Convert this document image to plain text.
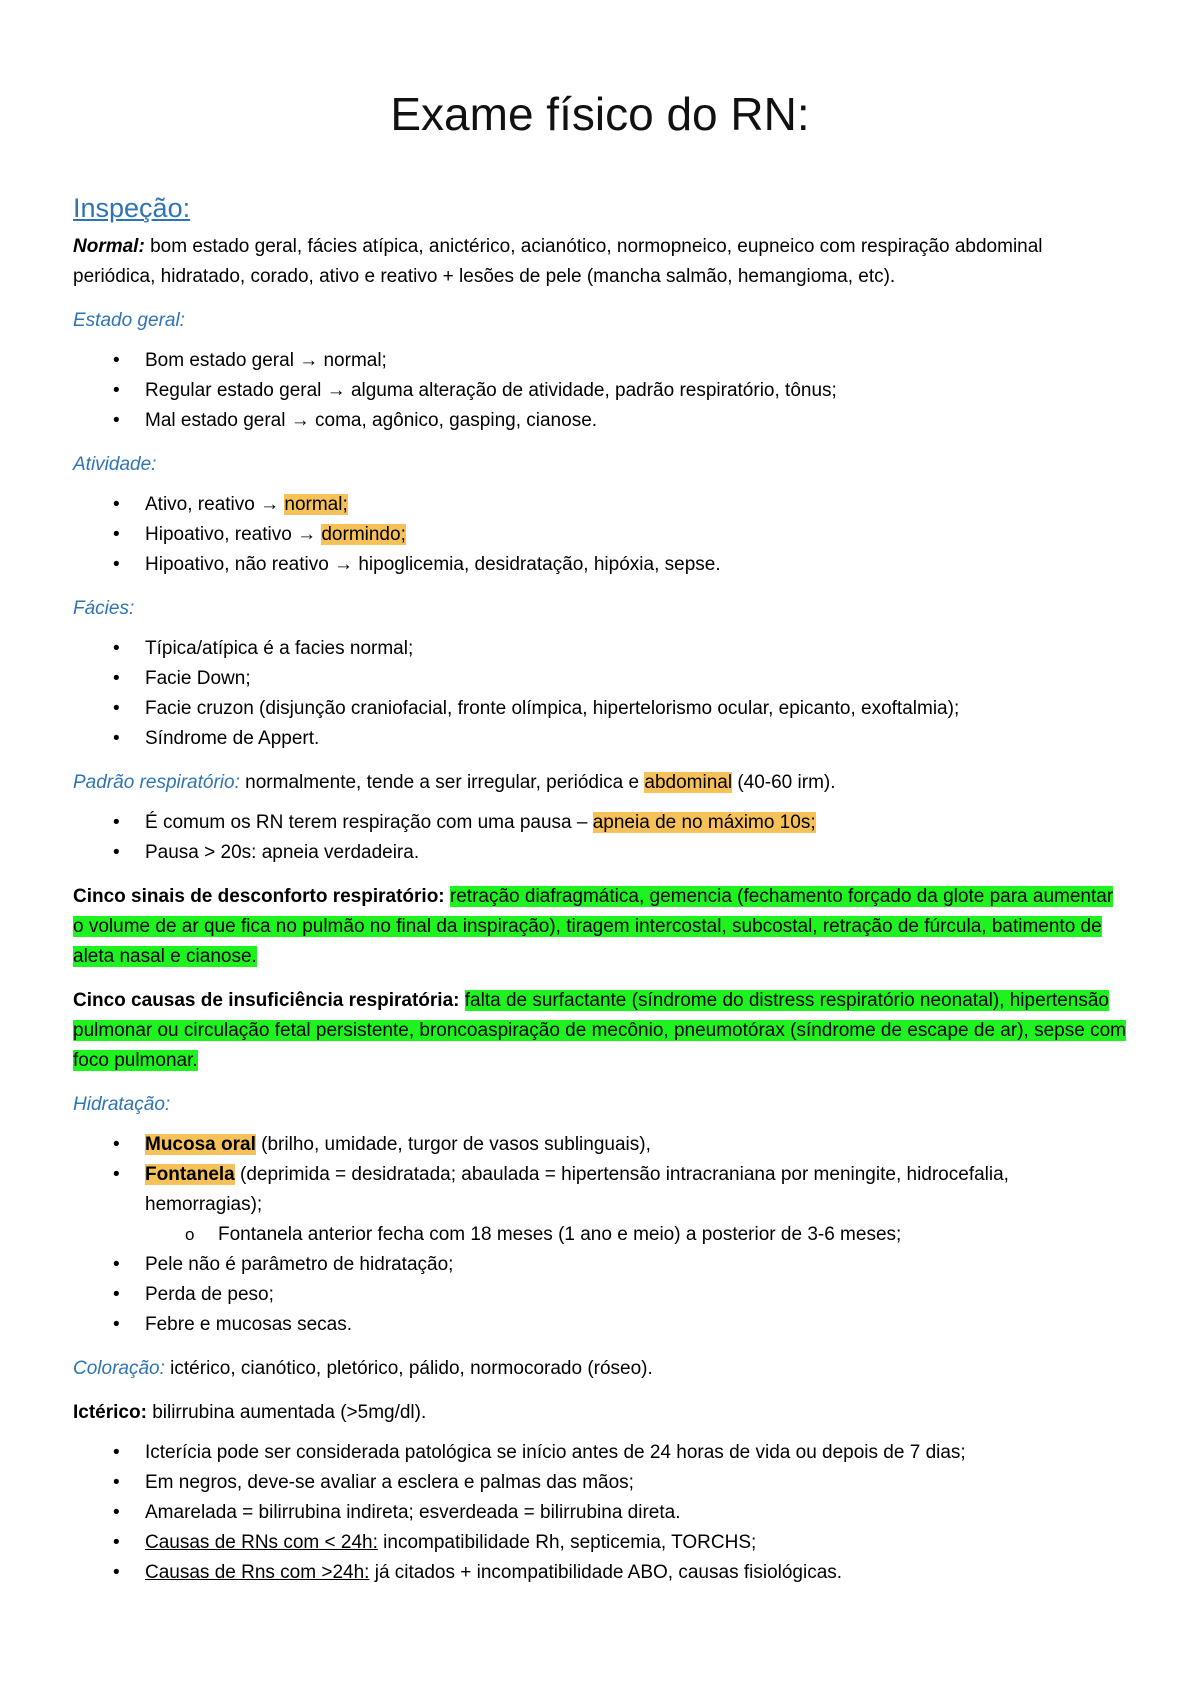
Exame físico do RN:
Inspeção:

Normal: bom estado geral, fácies atípica, anictérico, acianótico, normopneico, eupneico com respiração abdominal periódica, hidratado, corado, ativo e reativo + lesões de pele (mancha salmão, hemangioma, etc).

Estado geral:
• Bom estado geral → normal;
• Regular estado geral → alguma alteração de atividade, padrão respiratório, tônus;
• Mal estado geral → coma, agônico, gasping, cianose.
Atividade:
• Ativo, reativo → normal;
• Hipoativo, reativo → dormindo;
• Hipoativo, não reativo → hipoglicemia, desidratação, hipóxia, sepse.
Fácies:
• Típica/atípica é a facies normal;
• Facie Down;
• Facie cruzon (disjunção craniofacial, fronte olímpica, hipertelorismo ocular, epicanto, exoftalmia);
• Síndrome de Appert.

Padrão respiratório: normalmente, tende a ser irregular, periódica e abdominal (40-60 irm).

• É comum os RN terem respiração com uma pausa – apneia de no máximo 10s;
• Pausa > 20s: apneia verdadeira.

Cinco sinais de desconforto respiratório: retração diafragmática, gemencia (fechamento forçado da glote para aumentar o volume de ar que fica no pulmão no final da inspiração), tiragem intercostal, subcostal, retração de fúrcula, batimento de aleta nasal e cianose.

Cinco causas de insuficiência respiratória: falta de surfactante (síndrome do distress respiratório neonatal), hipertensão pulmonar ou circulação fetal persistente, broncoaspiração de mecônio, pneumotórax (síndrome de escape de ar), sepse com foco pulmonar.

Hidratação:
• Mucosa oral (brilho, umidade, turgor de vasos sublinguais),
• Fontanela (deprimida = desidratada; abaulada = hipertensão intracraniana por meningite, hidrocefalia, hemorragias);
o Fontanela anterior fecha com 18 meses (1 ano e meio) a posterior de 3-6 meses;
• Pele não é parâmetro de hidratação;
• Perda de peso;
• Febre e mucosas secas.

Coloração: ictérico, cianótico, pletórico, pálido, normocorado (róseo).

Ictérico: bilirrubina aumentada (>5mg/dl).

• Icterícia pode ser considerada patológica se início antes de 24 horas de vida ou depois de 7 dias;
• Em negros, deve-se avaliar a esclera e palmas das mãos;
• Amarelada = bilirrubina indireta; esverdeada = bilirrubina direta.
• Causas de RNs com < 24h: incompatibilidade Rh, septicemia, TORCHS;
• Causas de Rns com >24h: já citados + incompatibilidade ABO, causas fisiológicas.
